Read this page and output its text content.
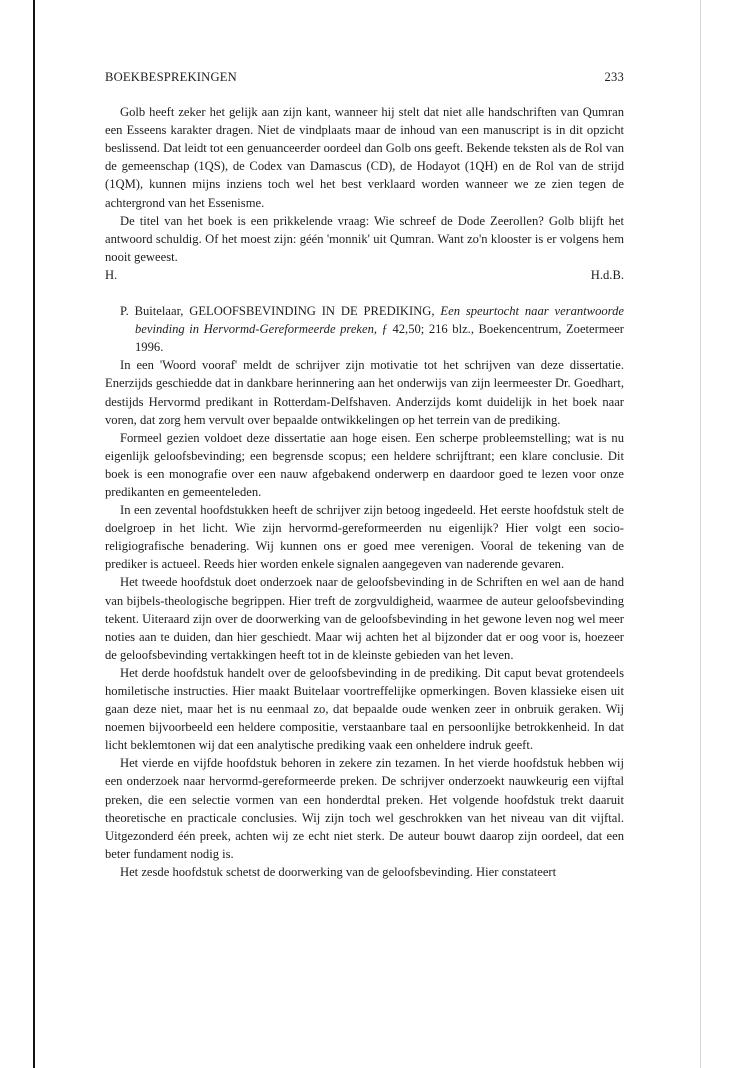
BOEKBESPREKINGEN	233

Golb heeft zeker het gelijk aan zijn kant, wanneer hij stelt dat niet alle handschriften van Qumran een Esseens karakter dragen. Niet de vindplaats maar de inhoud van een manuscript is in dit opzicht beslissend. Dat leidt tot een genuanceerder oordeel dan Golb ons geeft. Bekende teksten als de Rol van de gemeenschap (1QS), de Codex van Damascus (CD), de Hodayot (1QH) en de Rol van de strijd (1QM), kunnen mijns inziens toch wel het best verklaard worden wanneer we ze zien tegen de achtergrond van het Essenisme.

De titel van het boek is een prikkelende vraag: Wie schreef de Dode Zeerollen? Golb blijft het antwoord schuldig. Of het moest zijn: géén 'monnik' uit Qumran. Want zo'n klooster is er volgens hem nooit geweest.

H.	H.d.B.

P. Buitelaar, GELOOFSBEVINDING IN DE PREDIKING, Een speurtocht naar verantwoorde bevinding in Hervormd-Gereformeerde preken, ƒ 42,50; 216 blz., Boekencentrum, Zoetermeer 1996.

In een 'Woord vooraf' meldt de schrijver zijn motivatie tot het schrijven van deze dissertatie. Enerzijds geschiedde dat in dankbare herinnering aan het onderwijs van zijn leermeester Dr. Goedhart, destijds Hervormd predikant in Rotterdam-Delfshaven. Anderzijds komt duidelijk in het boek naar voren, dat zorg hem vervult over bepaalde ontwikkelingen op het terrein van de prediking.

Formeel gezien voldoet deze dissertatie aan hoge eisen. Een scherpe probleemstelling; wat is nu eigenlijk geloofsbevinding; een begrensde scopus; een heldere schrijftrant; een klare conclusie. Dit boek is een monografie over een nauw afgebakend onderwerp en daardoor goed te lezen voor onze predikanten en gemeenteleden.

In een zevental hoofdstukken heeft de schrijver zijn betoog ingedeeld. Het eerste hoofdstuk stelt de doelgroep in het licht. Wie zijn hervormd-gereformeerden nu eigenlijk? Hier volgt een socio-religiografische benadering. Wij kunnen ons er goed mee verenigen. Vooral de tekening van de prediker is actueel. Reeds hier worden enkele signalen aangegeven van naderende gevaren.

Het tweede hoofdstuk doet onderzoek naar de geloofsbevinding in de Schriften en wel aan de hand van bijbels-theologische begrippen. Hier treft de zorgvuldigheid, waarmee de auteur geloofsbevinding tekent. Uiteraard zijn over de doorwerking van de geloofsbevinding in het gewone leven nog wel meer noties aan te duiden, dan hier geschiedt. Maar wij achten het al bijzonder dat er oog voor is, hoezeer de geloofsbevinding vertakkingen heeft tot in de kleinste gebieden van het leven.

Het derde hoofdstuk handelt over de geloofsbevinding in de prediking. Dit caput bevat grotendeels homiletische instructies. Hier maakt Buitelaar voortreffelijke opmerkingen. Boven klassieke eisen uit gaan deze niet, maar het is nu eenmaal zo, dat bepaalde oude wenken zeer in onbruik geraken. Wij noemen bijvoorbeeld een heldere compositie, verstaanbare taal en persoonlijke betrokkenheid. In dat licht beklemtonen wij dat een analytische prediking vaak een onheldere indruk geeft.

Het vierde en vijfde hoofdstuk behoren in zekere zin tezamen. In het vierde hoofdstuk hebben wij een onderzoek naar hervormd-gereformeerde preken. De schrijver onderzoekt nauwkeurig een vijftal preken, die een selectie vormen van een honderdtal preken. Het volgende hoofdstuk trekt daaruit theoretische en practicale conclusies. Wij zijn toch wel geschrokken van het niveau van dit vijftal. Uitgezonderd één preek, achten wij ze echt niet sterk. De auteur bouwt daarop zijn oordeel, dat een beter fundament nodig is.

Het zesde hoofdstuk schetst de doorwerking van de geloofsbevinding. Hier constateert
